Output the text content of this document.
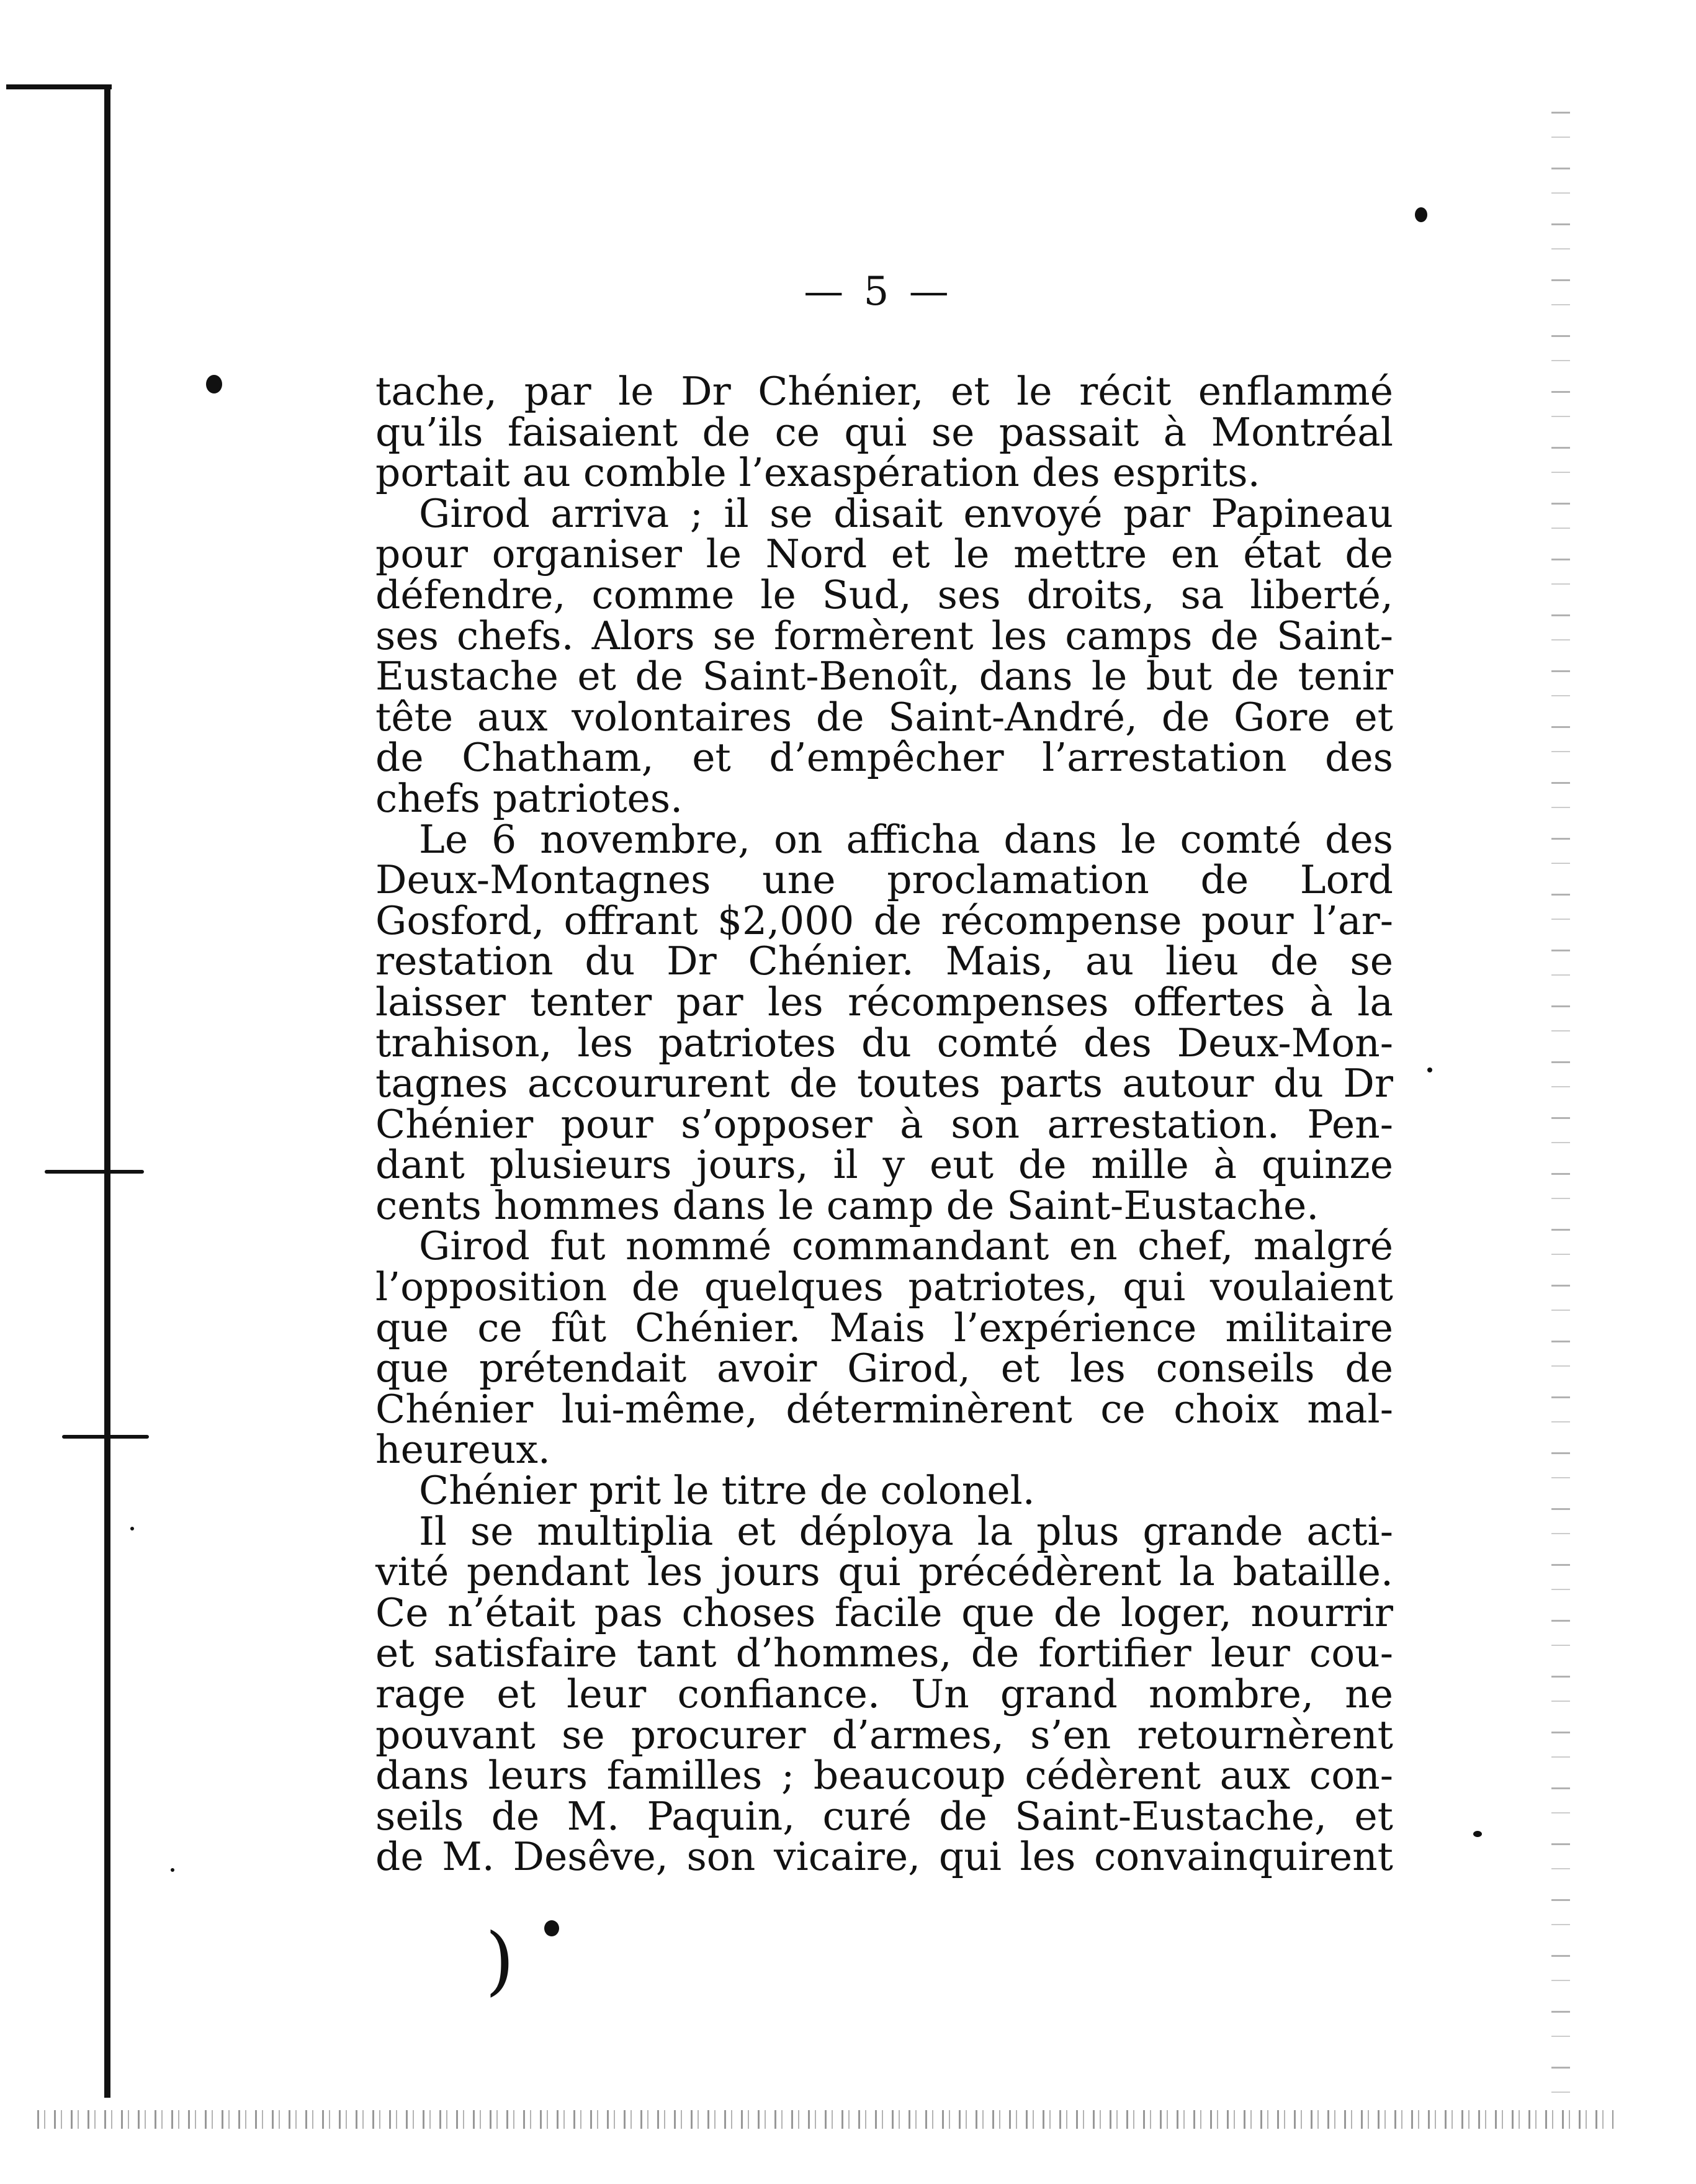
)
— 5 —
tache, par le Dr Chénier, et le récit enflammé
qu’ils faisaient de ce qui se passait à Montréal
portait au comble l’exaspération des esprits.
Girod arriva ; il se disait envoyé par Papineau
pour organiser le Nord et le mettre en état de
défendre, comme le Sud, ses droits, sa liberté,
ses chefs. Alors se formèrent les camps de Saint-
Eustache et de Saint-Benoît, dans le but de tenir
tête aux volontaires de Saint-André, de Gore et
de Chatham, et d’empêcher l’arrestation des
chefs patriotes.
Le 6 novembre, on afficha dans le comté des
Deux-Montagnes une proclamation de Lord
Gosford, offrant $2,000 de récompense pour l’ar-
restation du Dr Chénier. Mais, au lieu de se
laisser tenter par les récompenses offertes à la
trahison, les patriotes du comté des Deux-Mon-
tagnes accoururent de toutes parts autour du Dr
Chénier pour s’opposer à son arrestation. Pen-
dant plusieurs jours, il y eut de mille à quinze
cents hommes dans le camp de Saint-Eustache.
Girod fut nommé commandant en chef, malgré
l’opposition de quelques patriotes, qui voulaient
que ce fût Chénier. Mais l’expérience militaire
que prétendait avoir Girod, et les conseils de
Chénier lui-même, déterminèrent ce choix mal-
heureux.
Chénier prit le titre de colonel.
Il se multiplia et déploya la plus grande acti-
vité pendant les jours qui précédèrent la bataille.
Ce n’était pas choses facile que de loger, nourrir
et satisfaire tant d’hommes, de fortifier leur cou-
rage et leur confiance. Un grand nombre, ne
pouvant se procurer d’armes, s’en retournèrent
dans leurs familles ; beaucoup cédèrent aux con-
seils de M. Paquin, curé de Saint-Eustache, et
de M. Desêve, son vicaire, qui les convainquirent
